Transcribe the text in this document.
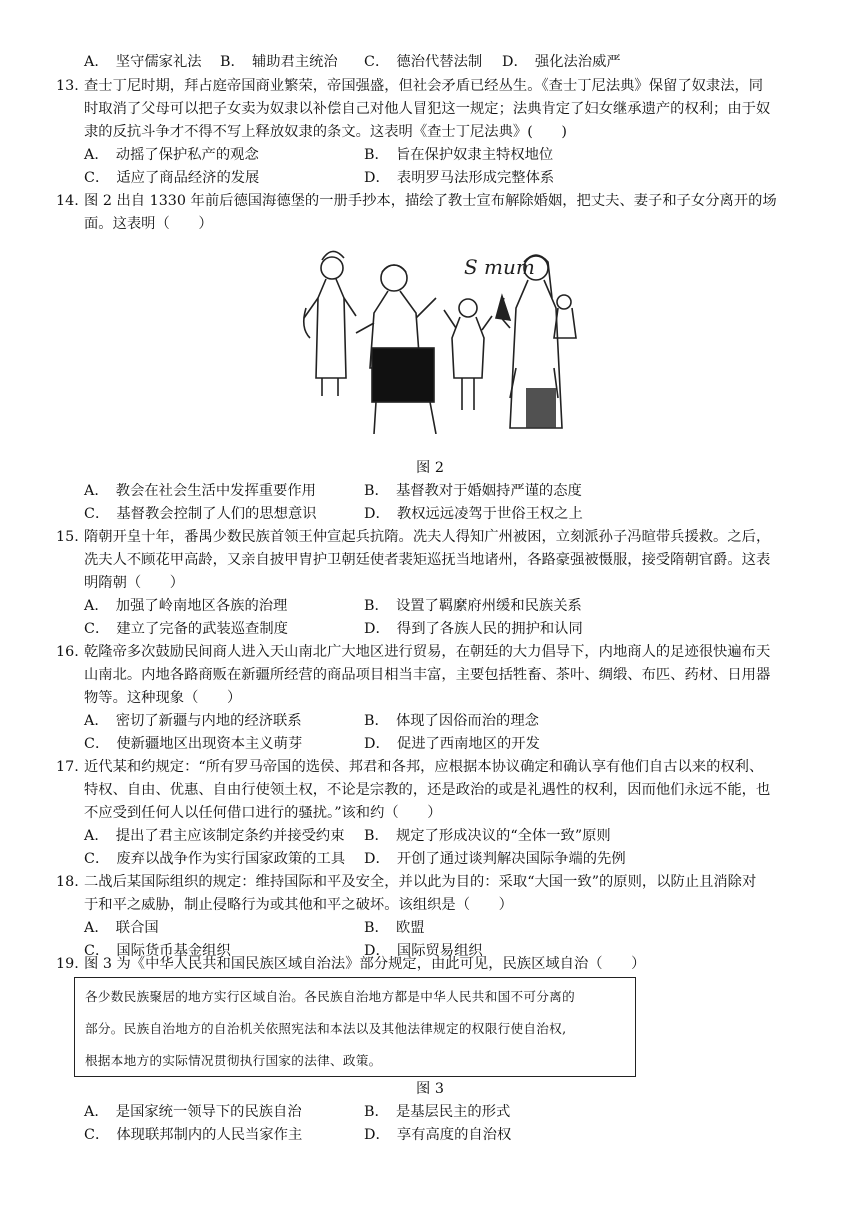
A．　坚守儒家礼法 B．　辅助君主统治 C．　德治代替法制 D．　强化法治威严
13. 查士丁尼时期，拜占庭帝国商业繁荣，帝国强盛，但社会矛盾已经丛生。《查士丁尼法典》保留了奴隶法，同
时取消了父母可以把子女卖为奴隶以补偿自己对他人冒犯这一规定；法典肯定了妇女继承遗产的权利；由于奴
隶的反抗斗争才不得不写上释放奴隶的条文。这表明《查士丁尼法典》(　　)
A．　动摇了保护私产的观念	B．　旨在保护奴隶主特权地位
C．　适应了商品经济的发展	D．　表明罗马法形成完整体系
14. 图 2 出自 1330 年前后德国海德堡的一册手抄本，描绘了教士宣布解除婚姻，把丈夫、妻子和子女分离开的场
面。这表明（　　）
S mum
图 2
A．　教会在社会生活中发挥重要作用	B．　基督教对于婚姻持严谨的态度
C．　基督教会控制了人们的思想意识	D．　教权远远凌驾于世俗王权之上
15. 隋朝开皇十年，番禺少数民族首领王仲宣起兵抗隋。冼夫人得知广州被困，立刻派孙子冯暄带兵援救。之后，
冼夫人不顾花甲高龄，又亲自披甲胄护卫朝廷使者裴矩巡抚当地诸州，各路豪强被慑服，接受隋朝官爵。这表
明隋朝（　　）
A．　加强了岭南地区各族的治理	B．　设置了羁縻府州缓和民族关系
C．　建立了完备的武装巡查制度	D．　得到了各族人民的拥护和认同
16. 乾隆帝多次鼓励民间商人进入天山南北广大地区进行贸易，在朝廷的大力倡导下，内地商人的足迹很快遍布天
山南北。内地各路商贩在新疆所经营的商品项目相当丰富，主要包括牲畜、茶叶、绸缎、布匹、药材、日用器
物等。这种现象（　　）
A．　密切了新疆与内地的经济联系	B．　体现了因俗而治的理念
C．　使新疆地区出现资本主义萌芽	D．　促进了西南地区的开发
17. 近代某和约规定：“所有罗马帝国的选侯、邦君和各邦，应根据本协议确定和确认享有他们自古以来的权利、
特权、自由、优惠、自由行使领土权，不论是宗教的，还是政治的或是礼遇性的权利，因而他们永远不能，也
不应受到任何人以任何借口进行的骚扰。”该和约（　　）
A．　提出了君主应该制定条约并接受约束 B．　规定了形成决议的“全体一致”原则
C．　废弃以战争作为实行国家政策的工具 D．　开创了通过谈判解决国际争端的先例
18. 二战后某国际组织的规定：维持国际和平及安全，并以此为目的：采取“大国一致”的原则，以防止且消除对
于和平之威胁，制止侵略行为或其他和平之破坏。该组织是（　　）
A．　联合国	B．　欧盟
C．　国际货币基金组织	D．　国际贸易组织
19. 图 3 为《中华人民共和国民族区域自治法》部分规定，由此可见，民族区域自治（　　）
各少数民族聚居的地方实行区域自治。各民族自治地方都是中华人民共和国不可分离的
部分。民族自治地方的自治机关依照宪法和本法以及其他法律规定的权限行使自治权,
根据本地方的实际情况贯彻执行国家的法律、政策。
图 3
A．　是国家统一领导下的民族自治	B．　是基层民主的形式
C．　体现联邦制内的人民当家作主	D．　享有高度的自治权
